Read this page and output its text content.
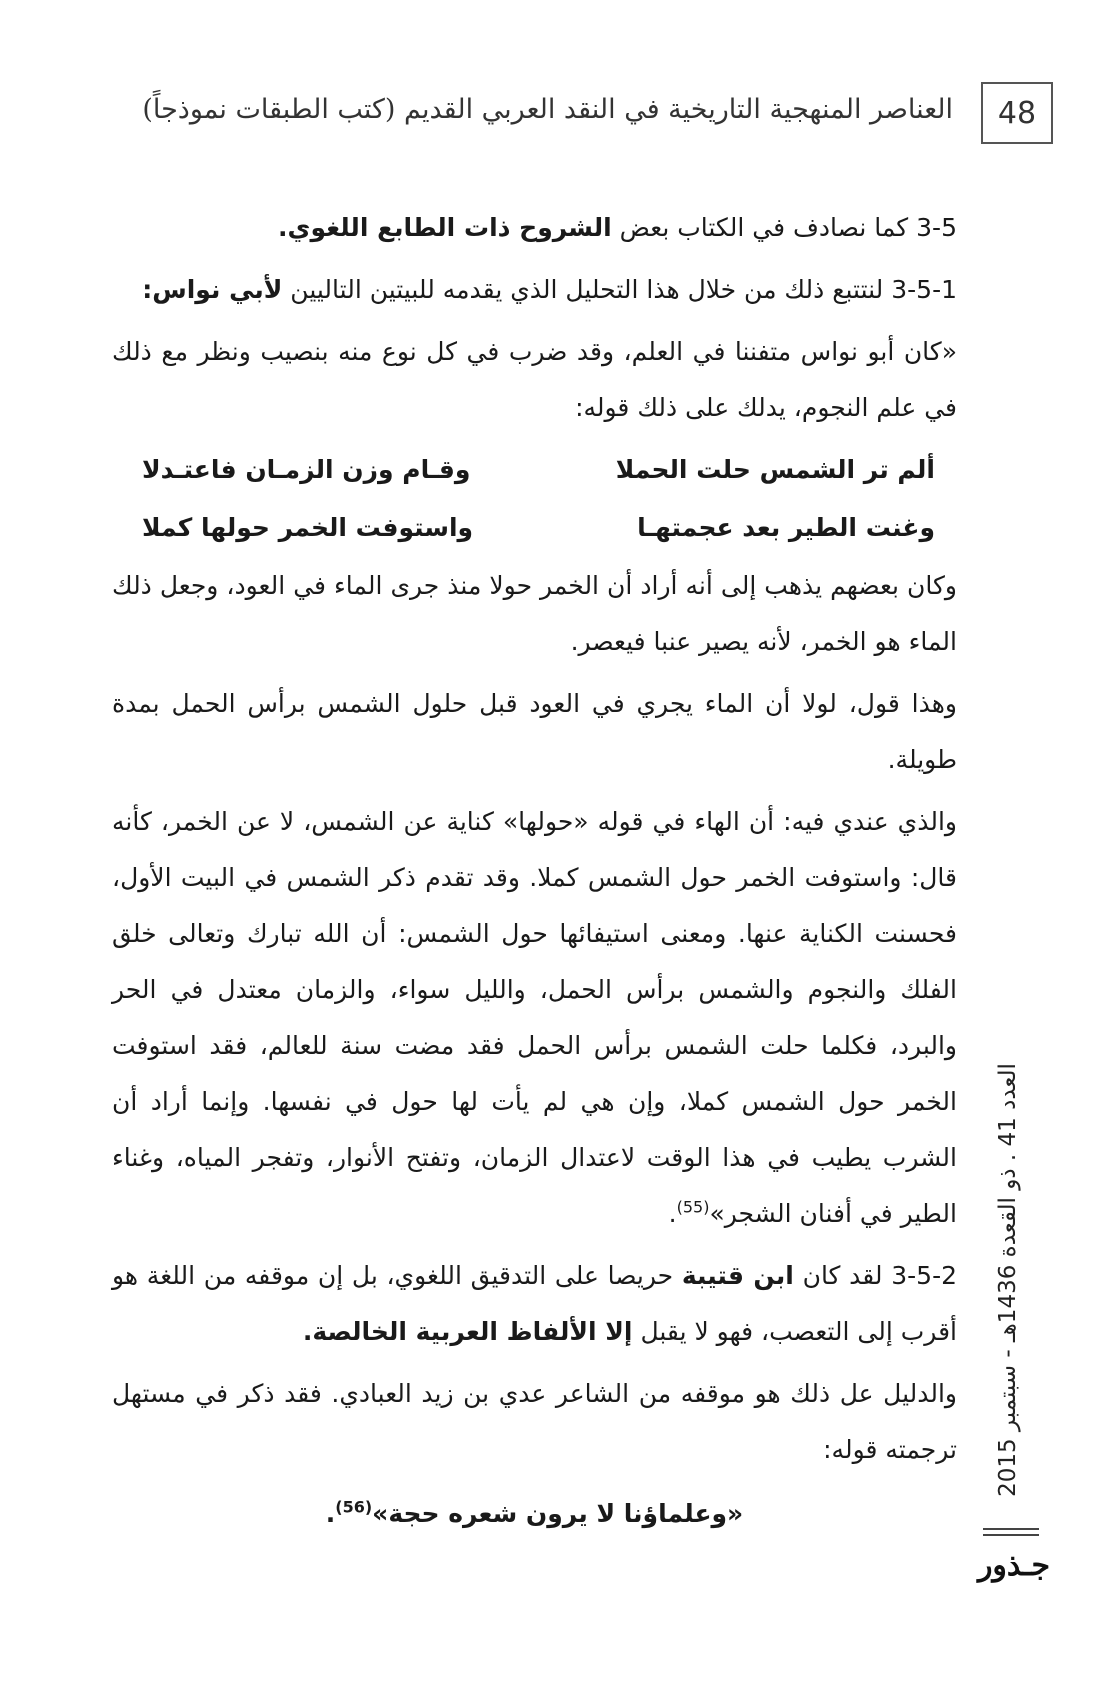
48
العناصر المنهجية التاريخية في النقد العربي القديم (كتب الطبقات نموذجاً)

3-5 كما نصادف في الكتاب بعض الشروح ذات الطابع اللغوي.

3-5-1 لنتتبع ذلك من خلال هذا التحليل الذي يقدمه للبيتين التاليين لأبي نواس:

«كان أبو نواس متفننا في العلم، وقد ضرب في كل نوع منه بنصيب ونظر مع ذلك في علم النجوم، يدلك على ذلك قوله:

ألم تر الشمس حلت الحملا
وقـام وزن الزمـان فاعتـدلا
وغنت الطير بعد عجمتهـا
واستوفت الخمر حولها كملا

وكان بعضهم يذهب إلى أنه أراد أن الخمر حولا منذ جرى الماء في العود، وجعل ذلك الماء هو الخمر، لأنه يصير عنبا فيعصر.

وهذا قول، لولا أن الماء يجري في العود قبل حلول الشمس برأس الحمل بمدة طويلة.

والذي عندي فيه: أن الهاء في قوله «حولها» كناية عن الشمس، لا عن الخمر، كأنه قال: واستوفت الخمر حول الشمس كملا. وقد تقدم ذكر الشمس في البيت الأول، فحسنت الكناية عنها. ومعنى استيفائها حول الشمس: أن الله تبارك وتعالى خلق الفلك والنجوم والشمس برأس الحمل، والليل سواء، والزمان معتدل في الحر والبرد، فكلما حلت الشمس برأس الحمل فقد مضت سنة للعالم، فقد استوفت الخمر حول الشمس كملا، وإن هي لم يأت لها حول في نفسها. وإنما أراد أن الشرب يطيب في هذا الوقت لاعتدال الزمان، وتفتح الأنوار، وتفجر المياه، وغناء الطير في أفنان الشجر»$^{(55)}$.

3-5-2 لقد كان ابن قتيبة حريصا على التدقيق اللغوي، بل إن موقفه من اللغة هو أقرب إلى التعصب، فهو لا يقبل إلا الألفاظ العربية الخالصة.

والدليل عل ذلك هو موقفه من الشاعر عدي بن زيد العبادي. فقد ذكر في مستهل ترجمته قوله:

«وعلماؤنا لا يرون شعره حجة»$^{(56)}$.
العدد 41 . ذو القعدة 1436هـ - سبتمبر 2015
جـذور
